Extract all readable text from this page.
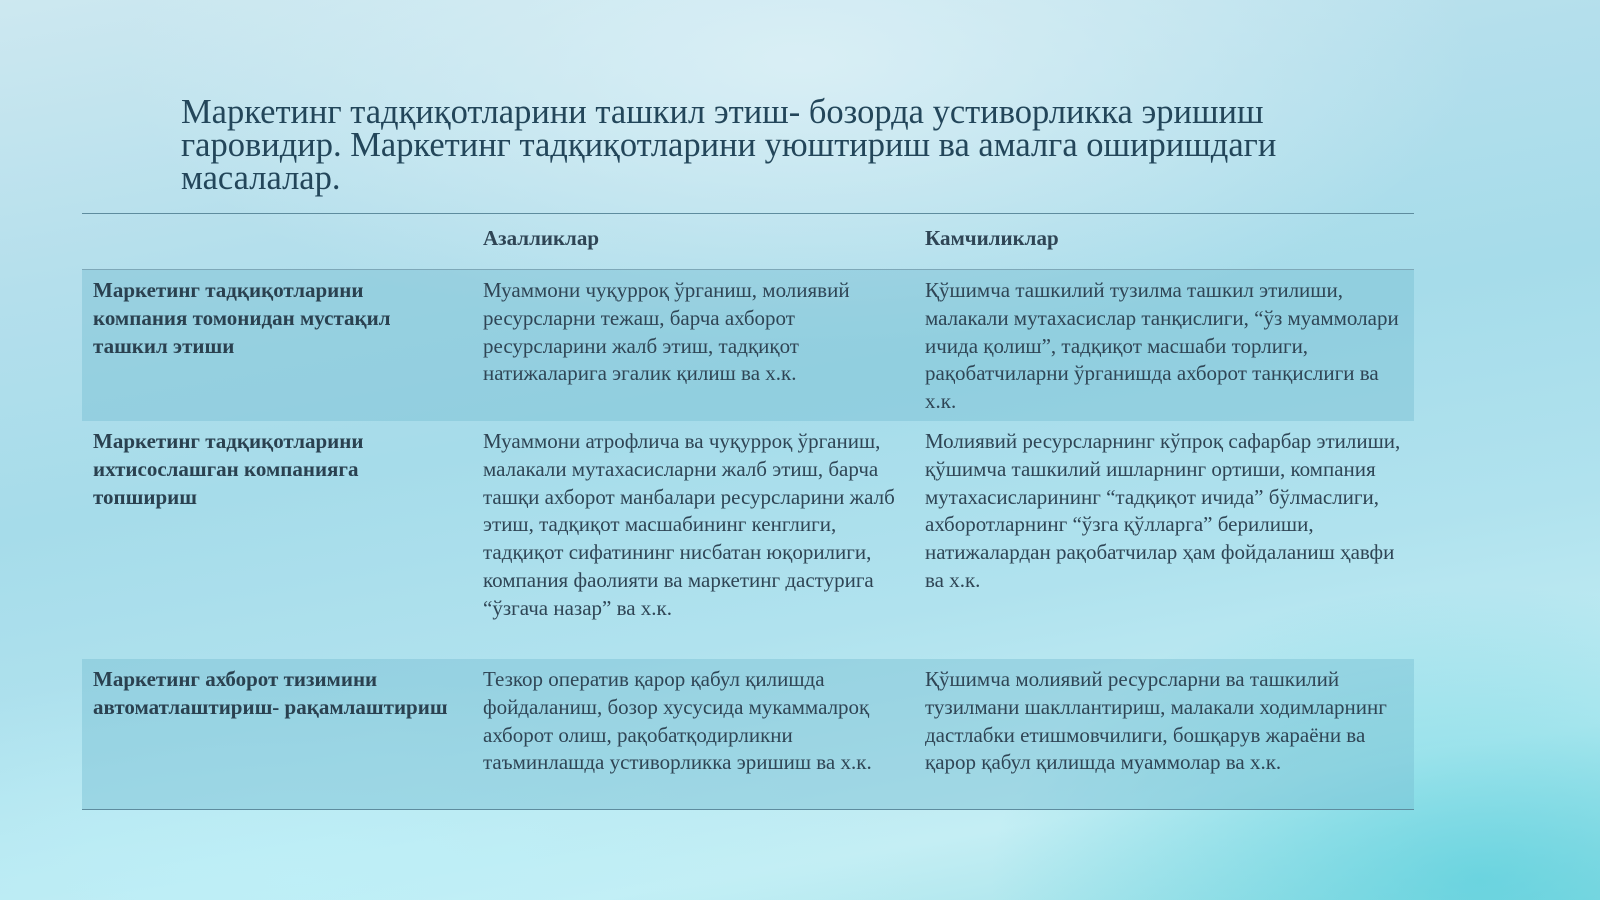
Маркетинг тадқиқотларини ташкил этиш- бозорда устиворликка эришиш гаровидир. Маркетинг тадқиқотларини уюштириш ва амалга оширишдаги масалалар.
Азалликлар	Камчиликлар
Маркетинг тадқиқотларини компания томонидан мустақил ташкил этиши
Муаммони чуқурроқ ўрганиш, молиявий ресурсларни тежаш, барча ахборот ресурсларини жалб этиш, тадқиқот натижаларига эгалик қилиш ва х.к.
Қўшимча ташкилий тузилма ташкил этилиши, малакали мутахасислар танқислиги, “ўз муаммолари ичида қолиш”, тадқиқот масшаби торлиги, рақобатчиларни ўрганишда ахборот танқислиги ва х.к.
Маркетинг тадқиқотларини ихтисослашган компанияга топшириш
Муаммони атрофлича ва чуқурроқ ўрганиш, малакали мутахасисларни жалб этиш, барча ташқи ахборот манбалари ресурсларини жалб этиш, тадқиқот масшабининг кенглиги, тадқиқот сифатининг нисбатан юқорилиги, компания фаолияти ва маркетинг дастурига “ўзгача назар” ва х.к.
Молиявий ресурсларнинг кўпроқ сафарбар этилиши, қўшимча ташкилий ишларнинг ортиши, компания мутахасисларининг “тадқиқот ичида” бўлмаслиги, ахборотларнинг “ўзга қўлларга” берилиши, натижалардан рақобатчилар ҳам фойдаланиш ҳавфи ва х.к.
Маркетинг ахборот тизимини автоматлаштириш- рақамлаштириш
Тезкор оператив қарор қабул қилишда фойдаланиш, бозор хусусида мукаммалроқ ахборот олиш, рақобатқодирликни таъминлашда устиворликка эришиш ва х.к.
Қўшимча молиявий ресурсларни ва ташкилий тузилмани шакллантириш, малакали ходимларнинг дастлабки етишмовчилиги, бошқарув жараёни ва қарор қабул қилишда муаммолар ва х.к.
